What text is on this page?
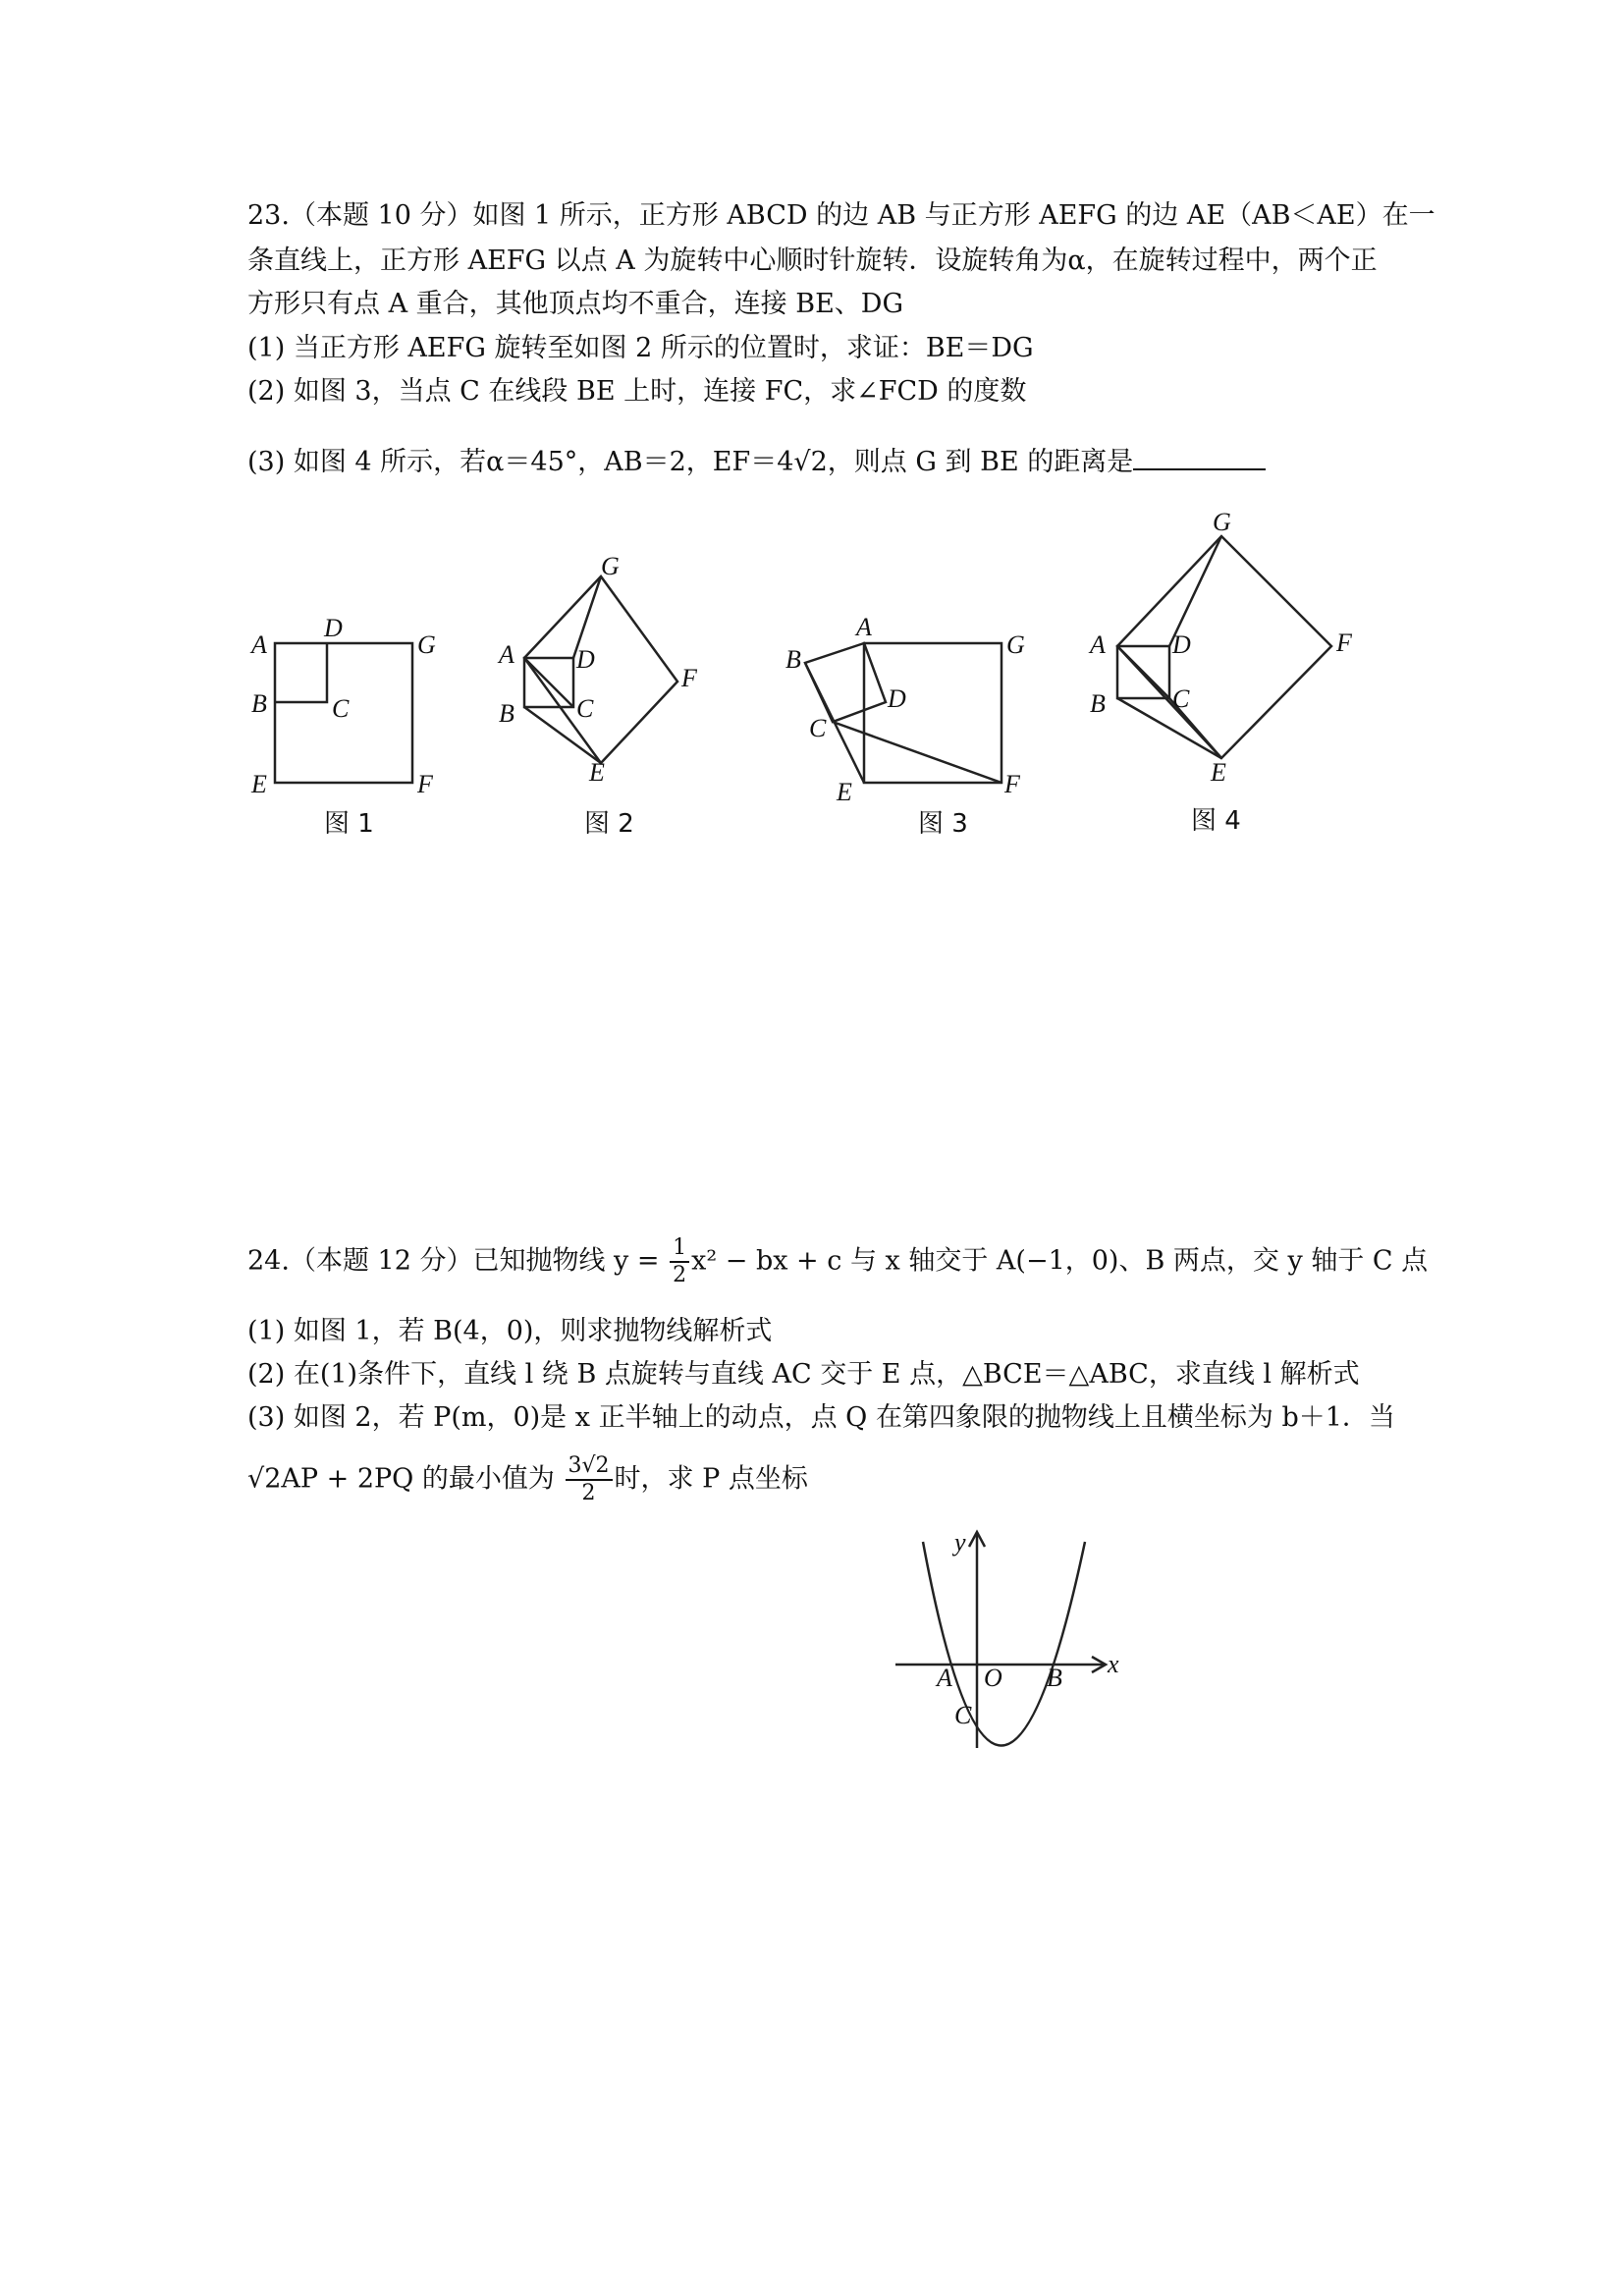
23.（本题 10 分）如图 1 所示，正方形 ABCD 的边 AB 与正方形 AEFG 的边 AE（AB＜AE）在一
条直线上，正方形 AEFG 以点 A 为旋转中心顺时针旋转．设旋转角为α，在旋转过程中，两个正
方形只有点 A 重合，其他顶点均不重合，连接 BE、DG
(1) 当正方形 AEFG 旋转至如图 2 所示的位置时，求证：BE＝DG
(2) 如图 3，当点 C 在线段 BE 上时，连接 FC，求∠FCD 的度数
(3) 如图 4 所示，若α＝45°，AB＝2，EF＝4√2，则点 G 到 BE 的距离是
A
D
G
B	C
E	F
图 1
A D
G
B C
F
E
图 2
A
G
B
D
C
E	F
图 3
A	D
G
B	C
F
E
图 4
24.（本题 12 分）已知抛物线 $y = \frac{1}{2} x^2$ − bx + c 与 x 轴交于 A(−1，0)、B 两点，交 y 轴于 C 点
(1) 如图 1，若 B(4，0)，则求抛物线解析式
(2) 在(1)条件下，直线 l 绕 B 点旋转与直线 AC 交于 E 点，△BCE＝△ABC，求直线 l 解析式
(3) 如图 2，若 P(m，0)是 x 正半轴上的动点，点 Q 在第四象限的抛物线上且横坐标为 b＋1．当
√2AP + 2PQ 的最小值为 $\frac{3√2}{2}$ 时，求 P 点坐标
y
x
A O B
C
